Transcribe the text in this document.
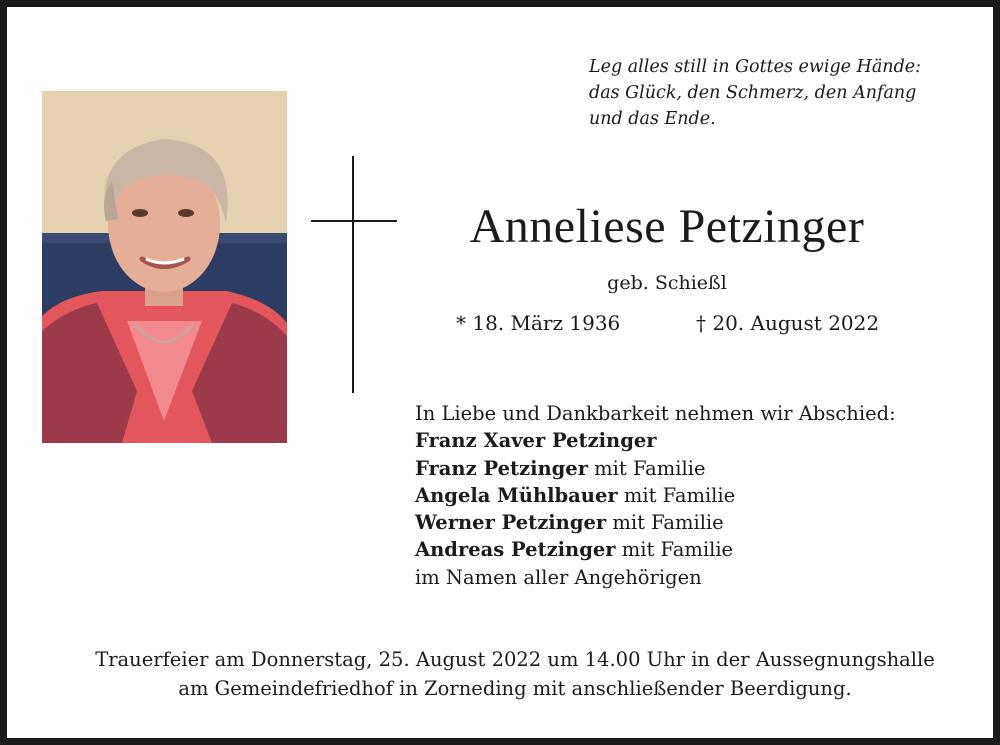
Leg alles still in Gottes ewige Hände:
das Glück, den Schmerz, den Anfang
und das Ende.
Anneliese Petzinger
geb. Schießl
* 18. März 1936	† 20. August 2022
In Liebe und Dankbarkeit nehmen wir Abschied:
Franz Xaver Petzinger
Franz Petzinger mit Familie
Angela Mühlbauer mit Familie
Werner Petzinger mit Familie
Andreas Petzinger mit Familie
im Namen aller Angehörigen
Trauerfeier am Donnerstag, 25. August 2022 um 14.00 Uhr in der Aussegnungshalle
am Gemeindefriedhof in Zorneding mit anschließender Beerdigung.
